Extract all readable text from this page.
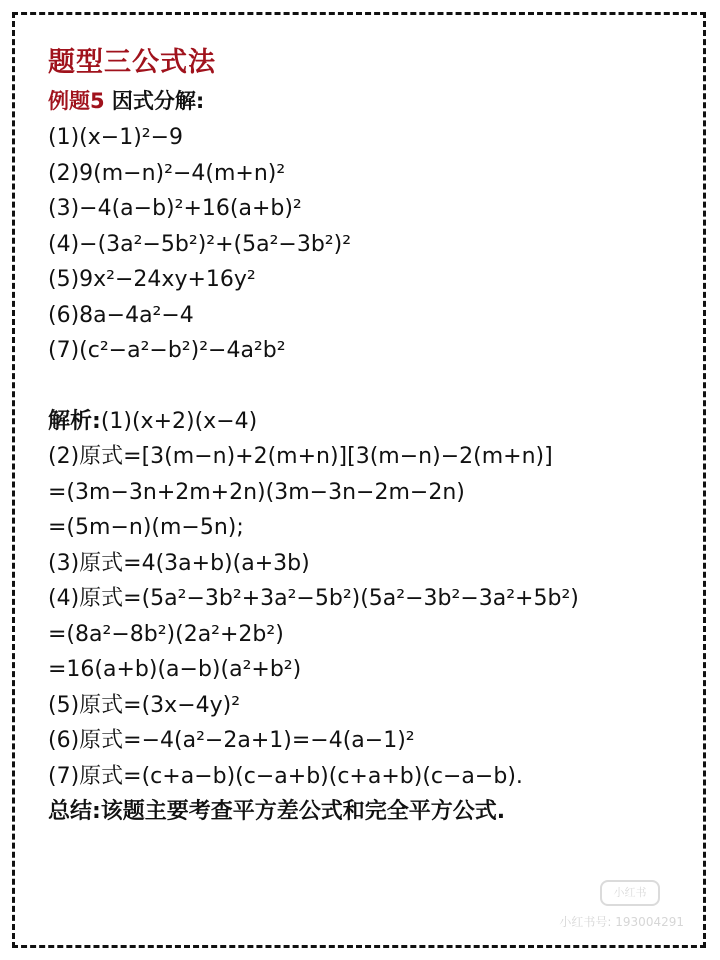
题型三公式法
例题5 因式分解:
(1)(x−1)²−9
(2)9(m−n)²−4(m+n)²
(3)−4(a−b)²+16(a+b)²
(4)−(3a²−5b²)²+(5a²−3b²)²
(5)9x²−24xy+16y²
(6)8a−4a²−4
(7)(c²−a²−b²)²−4a²b²
解析:(1)(x+2)(x−4)
(2)原式=[3(m−n)+2(m+n)][3(m−n)−2(m+n)]
=(3m−3n+2m+2n)(3m−3n−2m−2n)
=(5m−n)(m−5n);
(3)原式=4(3a+b)(a+3b)
(4)原式=(5a²−3b²+3a²−5b²)(5a²−3b²−3a²+5b²)
=(8a²−8b²)(2a²+2b²)
=16(a+b)(a−b)(a²+b²)
(5)原式=(3x−4y)²
(6)原式=−4(a²−2a+1)=−4(a−1)²
(7)原式=(c+a−b)(c−a+b)(c+a+b)(c−a−b).
总结:该题主要考查平方差公式和完全平方公式.
小红书
小红书号: 193004291
